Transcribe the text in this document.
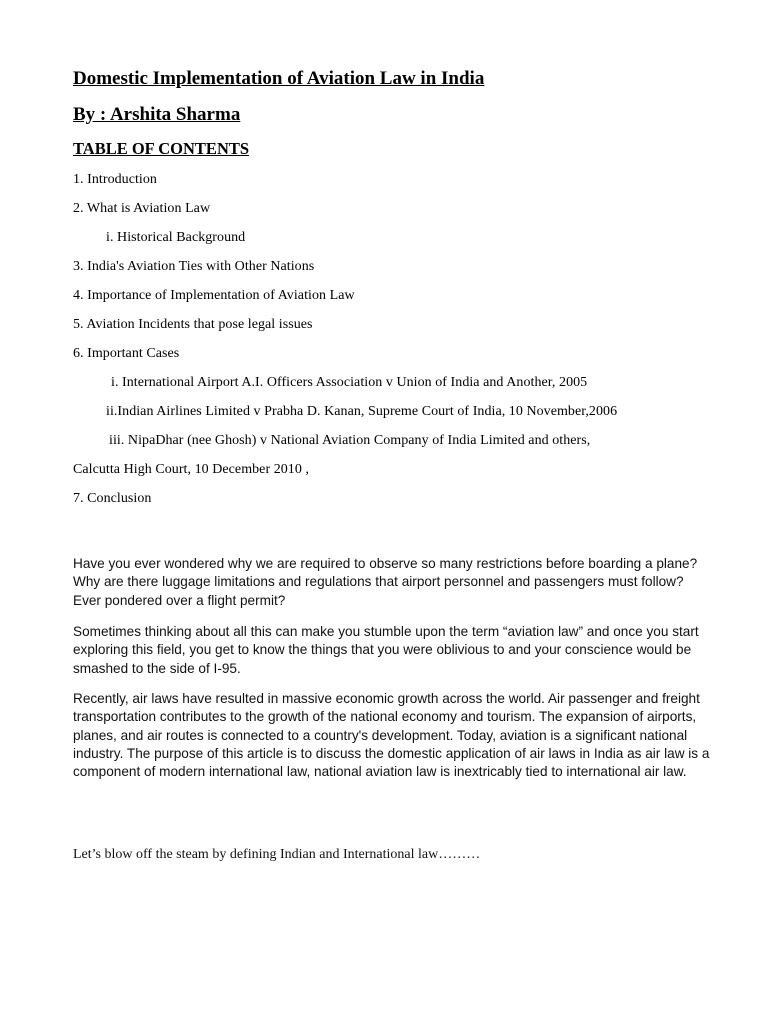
Domestic Implementation of Aviation Law in India
By : Arshita Sharma
TABLE OF CONTENTS
1. Introduction
2. What is Aviation Law
i. Historical Background
3. India's Aviation Ties with Other Nations
4. Importance of Implementation of Aviation Law
5. Aviation Incidents that pose legal issues
6. Important Cases
i. International Airport A.I. Officers Association v Union of India and Another, 2005
ii.Indian Airlines Limited v Prabha D. Kanan, Supreme Court of India, 10 November,2006
iii. NipaDhar (nee Ghosh) v National Aviation Company of India Limited and others,
Calcutta High Court, 10 December 2010 ,
7. Conclusion

Have you ever wondered why we are required to observe so many restrictions before boarding a plane? Why are there luggage limitations and regulations that airport personnel and passengers must follow? Ever pondered over a flight permit?

Sometimes thinking about all this can make you stumble upon the term “aviation law” and once you start exploring this field, you get to know the things that you were oblivious to and your conscience would be smashed to the side of I-95.

Recently, air laws have resulted in massive economic growth across the world. Air passenger and freight transportation contributes to the growth of the national economy and tourism. The expansion of airports, planes, and air routes is connected to a country's development. Today, aviation is a significant national industry. The purpose of this article is to discuss the domestic application of air laws in India as air law is a component of modern international law, national aviation law is inextricably tied to international air law.

Let’s blow off the steam by defining Indian and International law………
